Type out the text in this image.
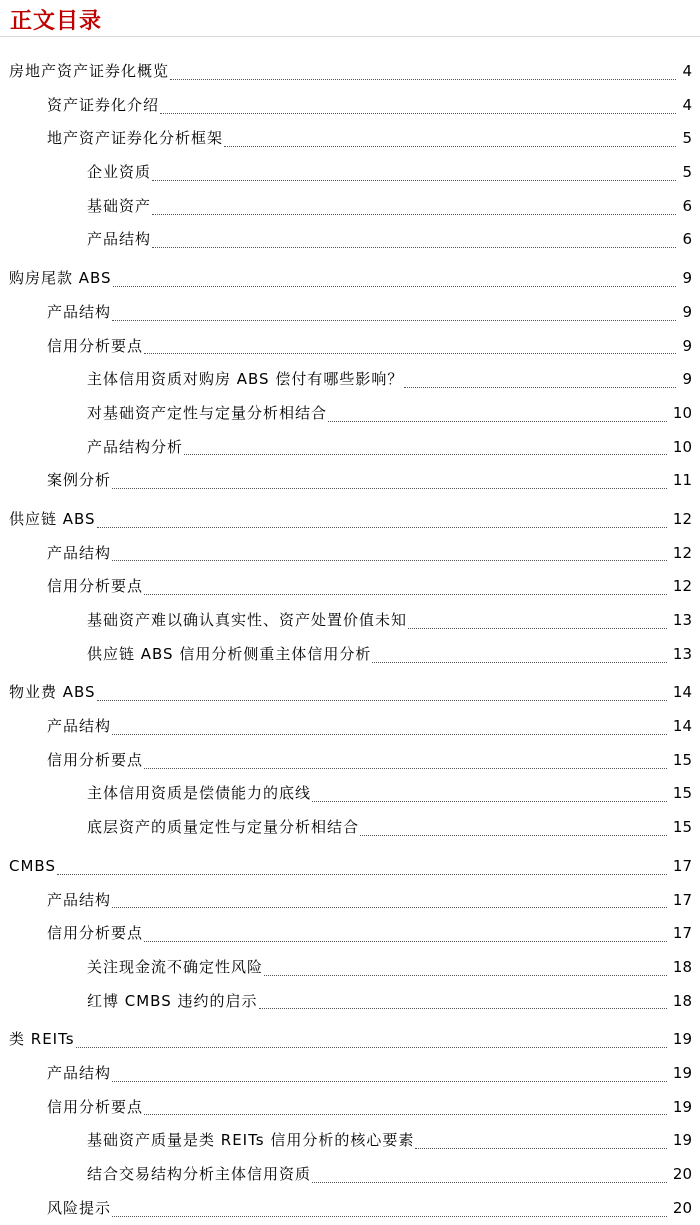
正文目录
房地产资产证券化概览	4
资产证券化介绍	4
地产资产证券化分析框架	5
企业资质	5
基础资产	6
产品结构	6
购房尾款 ABS	9
产品结构	9
信用分析要点	9
主体信用资质对购房 ABS 偿付有哪些影响？	9
对基础资产定性与定量分析相结合	10
产品结构分析	10
案例分析	11
供应链 ABS	12
产品结构	12
信用分析要点	12
基础资产难以确认真实性、资产处置价值未知	13
供应链 ABS 信用分析侧重主体信用分析	13
物业费 ABS	14
产品结构	14
信用分析要点	15
主体信用资质是偿债能力的底线	15
底层资产的质量定性与定量分析相结合	15
CMBS	17
产品结构	17
信用分析要点	17
关注现金流不确定性风险	18
红博 CMBS 违约的启示	18
类 REITs	19
产品结构	19
信用分析要点	19
基础资产质量是类 REITs 信用分析的核心要素	19
结合交易结构分析主体信用资质	20
风险提示	20
